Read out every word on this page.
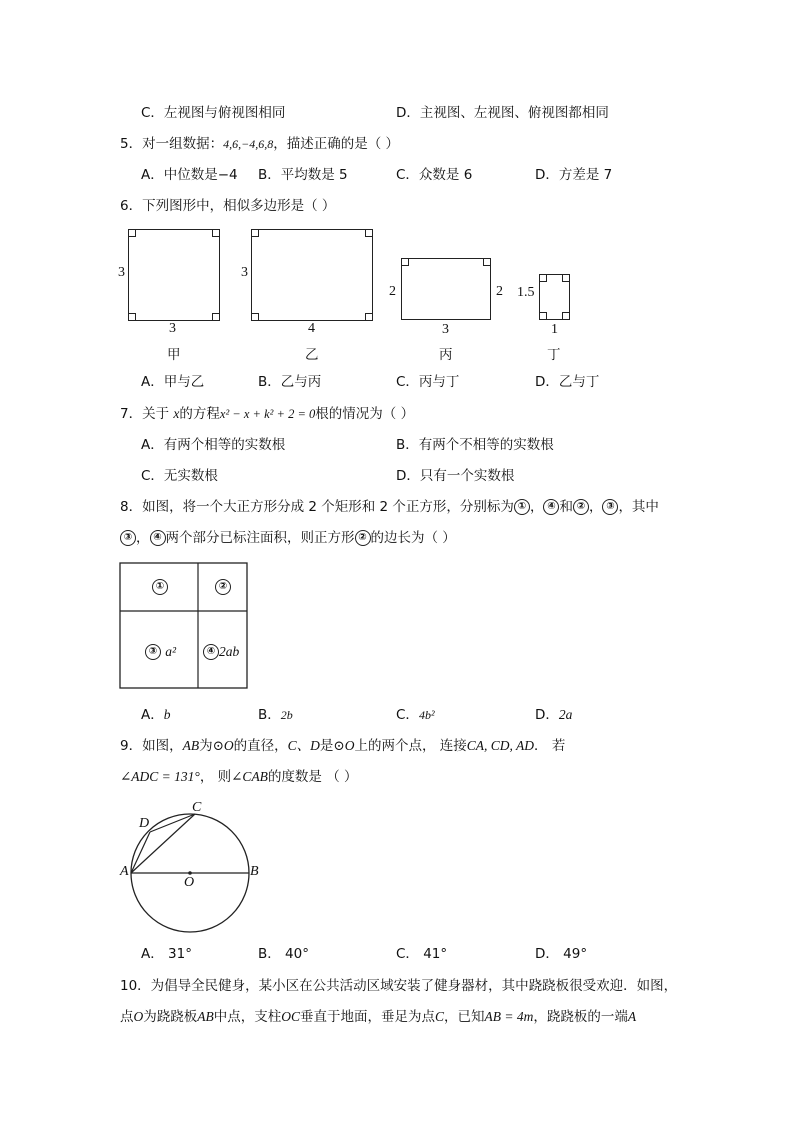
C．左视图与俯视图相同	D．主视图、左视图、俯视图都相同
5．对一组数据：4,6,−4,6,8，描述正确的是（ ）
A．中位数是−4 B．平均数是 5	C．众数是 6	D．方差是 7
6．下列图形中，相似多边形是（ ）
3
3
甲
3
4
乙
2	2
3
丙
1.5
1
丁
A．甲与乙	B．乙与丙	C．丙与丁	D．乙与丁
7．关于 x的方程x² − x + k² + 2 = 0根的情况为（ ）
A．有两个相等的实数根	B．有两个不相等的实数根
C．无实数根	D．只有一个实数根
8．如图，将一个大正方形分成 2 个矩形和 2 个正方形，分别标为 ① ， ④ 和 ② ， ③ ，其中
③ ， ④ 两个部分已标注面积，则正方形 ② 的边长为（ ）
①	②
③ a²	④ 2ab
A．b	B．2b	C．4b²	D．2a
9．如图，AB为⊙O的直径，C、D是⊙O上的两个点， 连接CA, CD, AD． 若
∠ADC = 131°， 则∠CAB的度数是 （ ）
A	B
C
D
O
A． 31°	B． 40°	C． 41°	D． 49°
10．为倡导全民健身，某小区在公共活动区域安装了健身器材，其中跷跷板很受欢迎．如图，
点O为跷跷板AB中点，支柱OC垂直于地面，垂足为点C，已知AB = 4m，跷跷板的一端A
